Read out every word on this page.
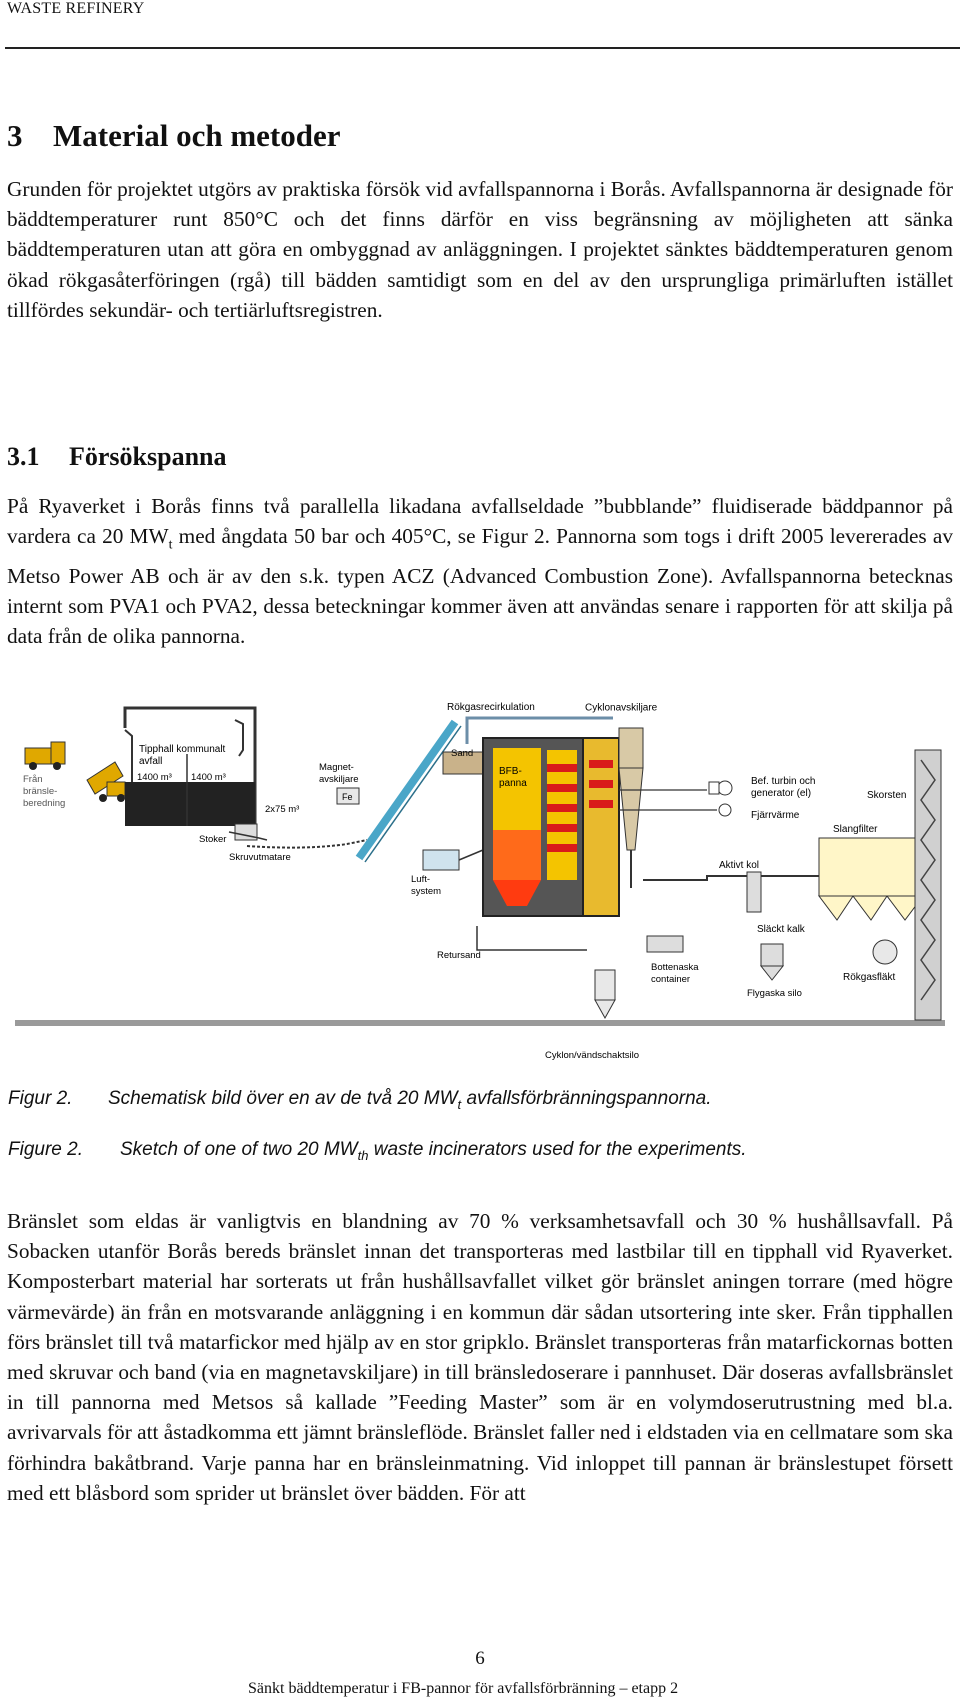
WASTE REFINERY
3 Material och metoder

Grunden för projektet utgörs av praktiska försök vid avfallspannorna i Borås. Avfallspannorna är designade för bäddtemperaturer runt 850°C och det finns därför en viss begränsning av möjligheten att sänka bäddtemperaturen utan att göra en ombyggnad av anläggningen. I projektet sänktes bäddtemperaturen genom ökad rökgasåterföringen (rgå) till bädden samtidigt som en del av den ursprungliga primärluften istället tillfördes sekundär- och tertiärluftsregistren.

3.1 Försökspanna

På Ryaverket i Borås finns två parallella likadana avfallseldade ”bubblande” fluidiserade bäddpannor på vardera ca 20 $MW_t$ med ångdata 50 bar och 405°C, se Figur 2. Pannorna som togs i drift 2005 levererades av Metso Power AB och är av den s.k. typen ACZ (Advanced Combustion Zone). Avfallspannorna betecknas internt som PVA1 och PVA2, dessa beteckningar kommer även att användas senare i rapporten för att skilja på data från de olika pannorna.

Tipphall kommunalt
avfall
1400 m³ 1400 m³
2x75 m³
Från
bränsle-
beredning
Stoker
Skruvutmatare
Magnet-
avskiljare
Fe
Luft-
system
Rökgasrecirkulation	Cyklonavskiljare
Sand
BFB-
panna
Retursand
Cyklon/vändschaktsilo
Bef. turbin och
generator (el)
Fjärrvärme
Aktivt kol
Släckt kalk
Slangfilter
Rökgasfläkt
Skorsten
Bottenaska
container
Flygaska silo
Figur 2. Schematisk bild över en av de två 20 $MW_t$ avfallsförbränningspannorna.
Figure 2. Sketch of one of two 20 $MW_{th}$ waste incinerators used for the experiments.

Bränslet som eldas är vanligtvis en blandning av 70 % verksamhetsavfall och 30 % hushållsavfall. På Sobacken utanför Borås bereds bränslet innan det transporteras med lastbilar till en tipphall vid Ryaverket. Komposterbart material har sorterats ut från hushållsavfallet vilket gör bränslet aningen torrare (med högre värmevärde) än från en motsvarande anläggning i en kommun där sådan utsortering inte sker. Från tipphallen förs bränslet till två matarfickor med hjälp av en stor gripklo. Bränslet transporteras från matarfickornas botten med skruvar och band (via en magnetavskiljare) in till bränsledoserare i pannhuset. Där doseras avfallsbränslet in till pannorna med Metsos så kallade ”Feeding Master” som är en volymdoserutrustning med bl.a. avrivarvals för att åstadkomma ett jämnt bränsleflöde. Bränslet faller ned i eldstaden via en cellmatare som ska förhindra bakåtbrand. Varje panna har en bränsleinmatning. Vid inloppet till pannan är bränslestupet försett med ett blåsbord som sprider ut bränslet över bädden. För att

6
Sänkt bäddtemperatur i FB-pannor för avfallsförbränning – etapp 2
